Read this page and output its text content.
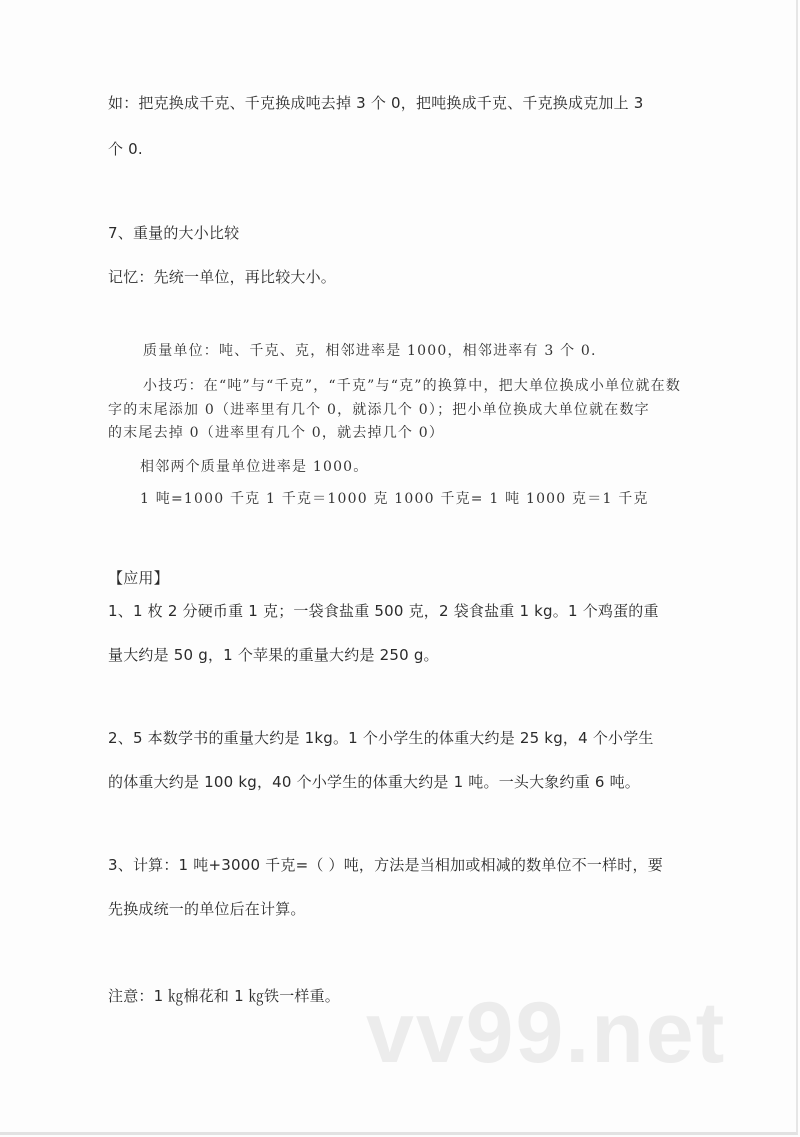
如：把克换成千克、千克换成吨去掉 3 个 0，把吨换成千克、千克换成克加上 3
个 0.
7、重量的大小比较
记忆：先统一单位，再比较大小。
质量单位：吨、千克、克，相邻进率是 1000，相邻进率有 3 个 0.
小技巧：在“吨”与“千克”，“千克”与“克”的换算中，把大单位换成小单位就在数
字的末尾添加 0（进率里有几个 0，就添几个 0）；把小单位换成大单位就在数字
的末尾去掉 0（进率里有几个 0，就去掉几个 0）
相邻两个质量单位进率是 1000。
1 吨=1000 千克 1 千克＝1000 克 1000 千克= 1 吨 1000 克＝1 千克
【应用】
1、1 枚 2 分硬币重 1 克；一袋食盐重 500 克，2 袋食盐重 1 kg。1 个鸡蛋的重
量大约是 50 g，1 个苹果的重量大约是 250 g。
2、5 本数学书的重量大约是 1kg。1 个小学生的体重大约是 25 kg，4 个小学生
的体重大约是 100 kg，40 个小学生的体重大约是 1 吨。一头大象约重 6 吨。
3、计算：1 吨+3000 千克=（ ）吨，方法是当相加或相减的数单位不一样时，要
先换成统一的单位后在计算。
注意：1 ㎏棉花和 1 ㎏铁一样重。 vv99.net
